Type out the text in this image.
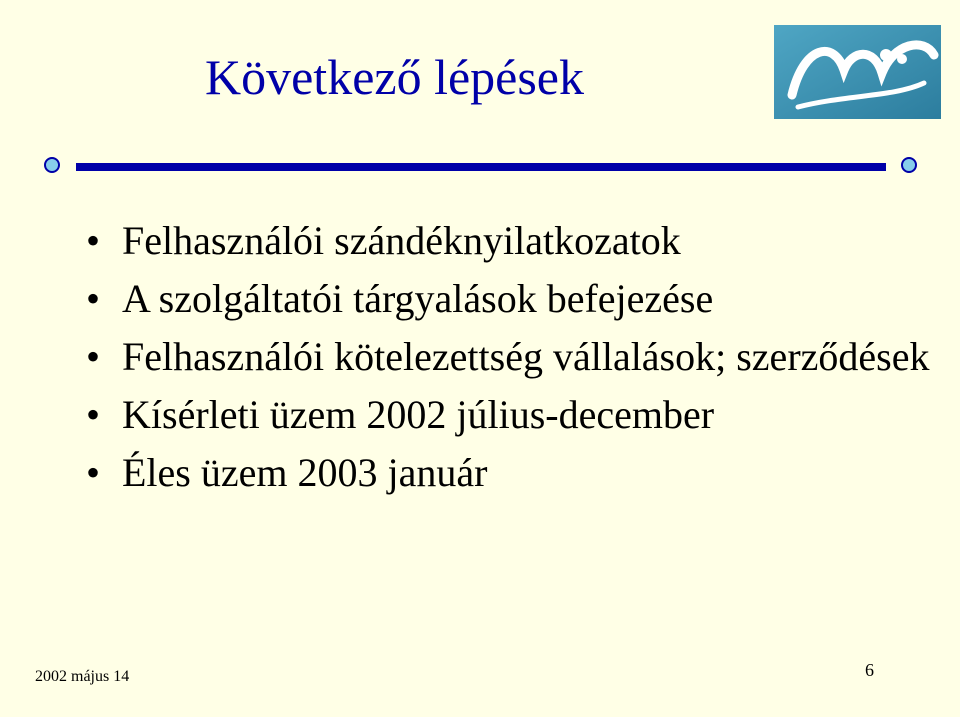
Következő lépések
• Felhasználói szándéknyilatkozatok
• A szolgáltatói tárgyalások befejezése
• Felhasználói kötelezettség vállalások; szerződések
• Kísérleti üzem 2002 július-december
• Éles üzem 2003 január
2002 május 14	6
